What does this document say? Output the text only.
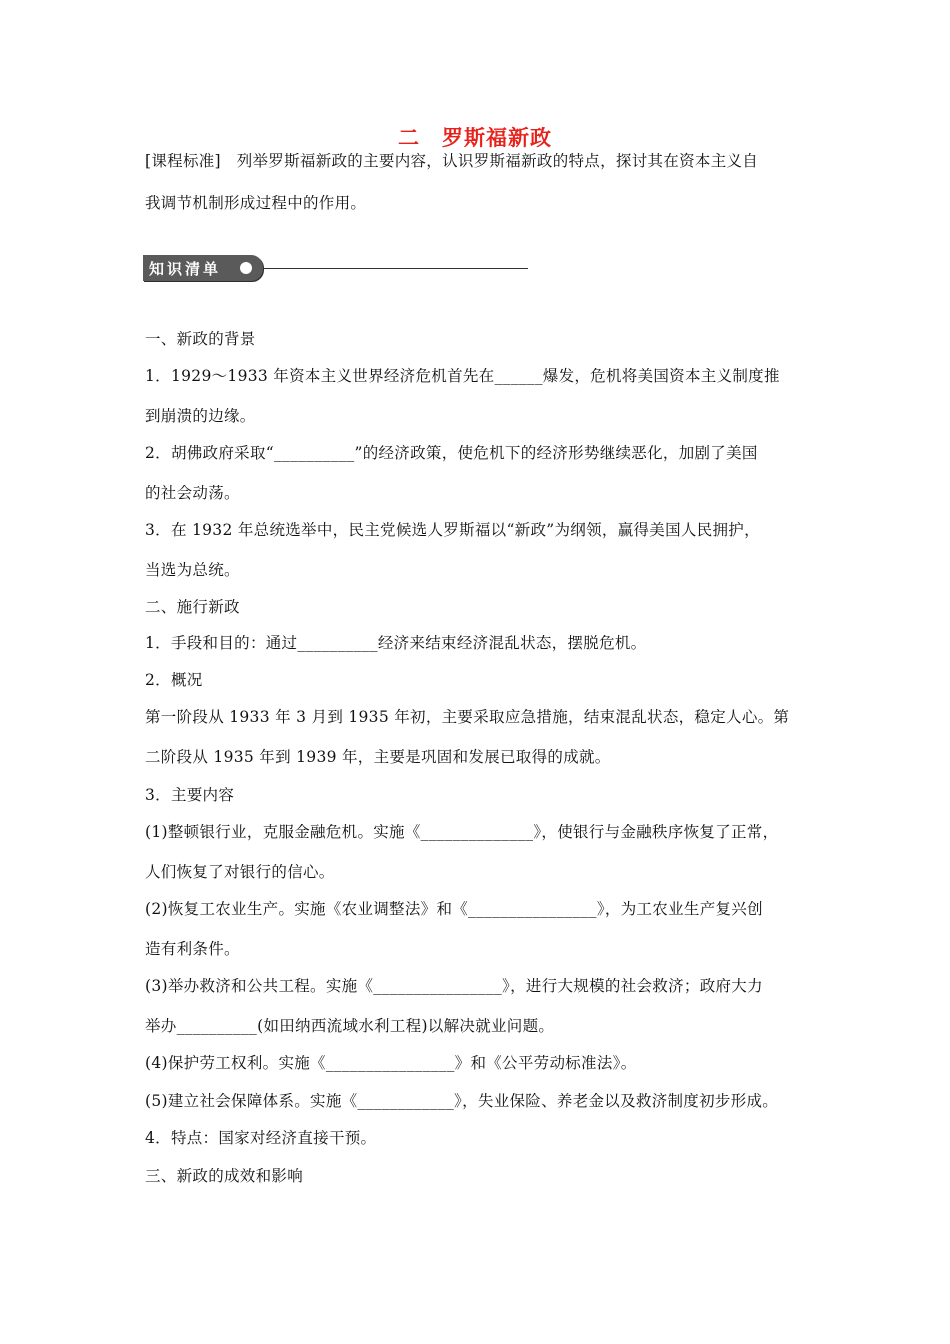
二　罗斯福新政
[课程标准]　列举罗斯福新政的主要内容，认识罗斯福新政的特点，探讨其在资本主义自
我调节机制形成过程中的作用。
知识清单
一、新政的背景
1．1929～1933 年资本主义世界经济危机首先在______爆发，危机将美国资本主义制度推
到崩溃的边缘。
2．胡佛政府采取“__________”的经济政策，使危机下的经济形势继续恶化，加剧了美国
的社会动荡。
3．在 1932 年总统选举中，民主党候选人罗斯福以“新政”为纲领，赢得美国人民拥护，
当选为总统。
二、施行新政
1．手段和目的：通过__________经济来结束经济混乱状态，摆脱危机。
2．概况
第一阶段从 1933 年 3 月到 1935 年初，主要采取应急措施，结束混乱状态，稳定人心。第
二阶段从 1935 年到 1939 年，主要是巩固和发展已取得的成就。
3．主要内容
(1)整顿银行业，克服金融危机。实施《______________》，使银行与金融秩序恢复了正常，
人们恢复了对银行的信心。
(2)恢复工农业生产。实施《农业调整法》和《________________》，为工农业生产复兴创
造有利条件。
(3)举办救济和公共工程。实施《________________》，进行大规模的社会救济；政府大力
举办__________(如田纳西流域水利工程)以解决就业问题。
(4)保护劳工权利。实施《________________》和《公平劳动标准法》。
(5)建立社会保障体系。实施《____________》，失业保险、养老金以及救济制度初步形成。
4．特点：国家对经济直接干预。
三、新政的成效和影响
